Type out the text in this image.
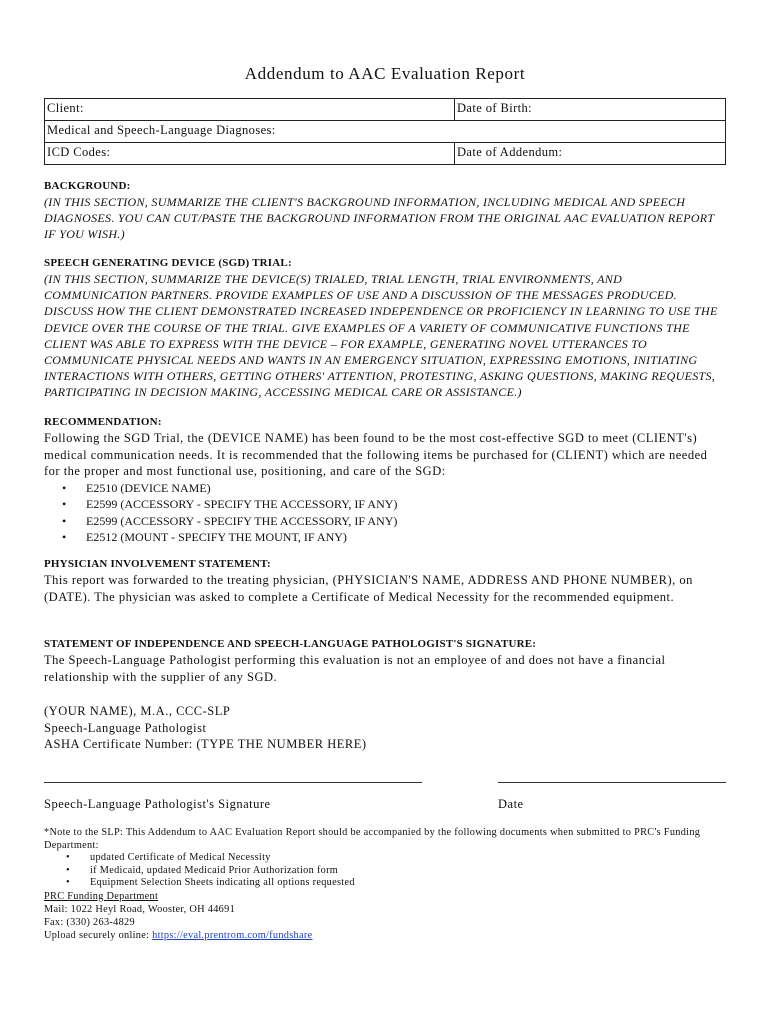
Addendum to AAC Evaluation Report
Client:	Date of Birth:
Medical and Speech-Language Diagnoses:	
ICD Codes:	Date of Addendum:
BACKGROUND:
(IN THIS SECTION, SUMMARIZE THE CLIENT'S BACKGROUND INFORMATION, INCLUDING MEDICAL AND SPEECH DIAGNOSES. YOU CAN CUT/PASTE THE BACKGROUND INFORMATION FROM THE ORIGINAL AAC EVALUATION REPORT IF YOU WISH.)
SPEECH GENERATING DEVICE (SGD) TRIAL:
(IN THIS SECTION, SUMMARIZE THE DEVICE(S) TRIALED, TRIAL LENGTH, TRIAL ENVIRONMENTS, AND COMMUNICATION PARTNERS. PROVIDE EXAMPLES OF USE AND A DISCUSSION OF THE MESSAGES PRODUCED. DISCUSS HOW THE CLIENT DEMONSTRATED INCREASED INDEPENDENCE OR PROFICIENCY IN LEARNING TO USE THE DEVICE OVER THE COURSE OF THE TRIAL. GIVE EXAMPLES OF A VARIETY OF COMMUNICATIVE FUNCTIONS THE CLIENT WAS ABLE TO EXPRESS WITH THE DEVICE – FOR EXAMPLE, GENERATING NOVEL UTTERANCES TO COMMUNICATE PHYSICAL NEEDS AND WANTS IN AN EMERGENCY SITUATION, EXPRESSING EMOTIONS, INITIATING INTERACTIONS WITH OTHERS, GETTING OTHERS' ATTENTION, PROTESTING, ASKING QUESTIONS, MAKING REQUESTS, PARTICIPATING IN DECISION MAKING, ACCESSING MEDICAL CARE OR ASSISTANCE.)
RECOMMENDATION:
Following the SGD Trial, the (DEVICE NAME) has been found to be the most cost-effective SGD to meet (CLIENT's) medical communication needs. It is recommended that the following items be purchased for (CLIENT) which are needed for the proper and most functional use, positioning, and care of the SGD:
• E2510 (DEVICE NAME)
• E2599 (ACCESSORY - SPECIFY THE ACCESSORY, IF ANY)
• E2599 (ACCESSORY - SPECIFY THE ACCESSORY, IF ANY)
• E2512 (MOUNT - SPECIFY THE MOUNT, IF ANY)
PHYSICIAN INVOLVEMENT STATEMENT:
This report was forwarded to the treating physician, (PHYSICIAN'S NAME, ADDRESS AND PHONE NUMBER), on (DATE). The physician was asked to complete a Certificate of Medical Necessity for the recommended equipment.
STATEMENT OF INDEPENDENCE AND SPEECH-LANGUAGE PATHOLOGIST'S SIGNATURE:
The Speech-Language Pathologist performing this evaluation is not an employee of and does not have a financial relationship with the supplier of any SGD.
(YOUR NAME), M.A., CCC-SLP
Speech-Language Pathologist
ASHA Certificate Number: (TYPE THE NUMBER HERE)
Speech-Language Pathologist's Signature	Date
*Note to the SLP: This Addendum to AAC Evaluation Report should be accompanied by the following documents when submitted to PRC's Funding Department:
• updated Certificate of Medical Necessity
• if Medicaid, updated Medicaid Prior Authorization form
• Equipment Selection Sheets indicating all options requested
PRC Funding Department
Mail: 1022 Heyl Road, Wooster, OH 44691
Fax: (330) 263-4829
Upload securely online: https://eval.prentrom.com/fundshare
